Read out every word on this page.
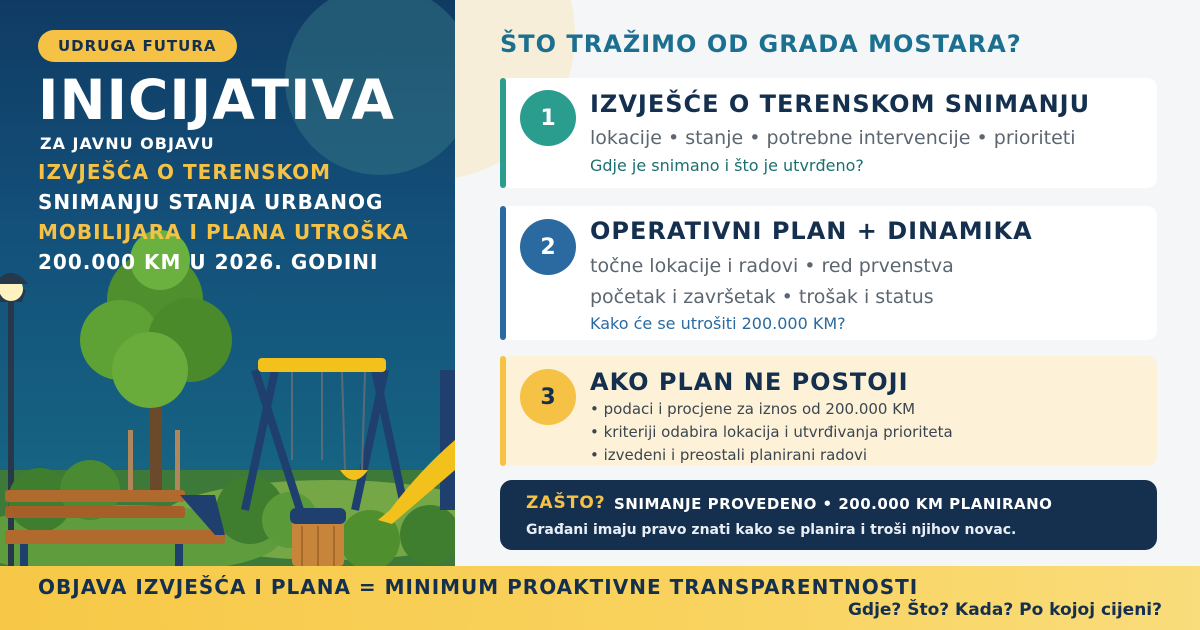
UDRUGA FUTURA
INICIJATIVA
ZA JAVNU OBJAVU
IZVJEŠĆA O TERENSKOM
SNIMANJU STANJA URBANOG
MOBILIJARA I PLANA UTROŠKA
200.000 KM U 2026. GODINI
ŠTO TRAŽIMO OD GRADA MOSTARA?
1	IZVJEŠĆE O TERENSKOM SNIMANJU
lokacije • stanje • potrebne intervencije • prioriteti
Gdje je snimano i što je utvrđeno?
2
OPERATIVNI PLAN + DINAMIKA
točne lokacije i radovi • red prvenstva
početak i završetak • trošak i status
Kako će se utrošiti 200.000 KM?
3
AKO PLAN NE POSTOJI
• podaci i procjene za iznos od 200.000 KM
• kriteriji odabira lokacija i utvrđivanja prioriteta
• izvedeni i preostali planirani radovi
ZAŠTO? SNIMANJE PROVEDENO • 200.000 KM PLANIRANO
Građani imaju pravo znati kako se planira i troši njihov novac.
OBJAVA IZVJEŠĆA I PLANA = MINIMUM PROAKTIVNE TRANSPARENTNOSTI
Gdje? Što? Kada? Po kojoj cijeni?
